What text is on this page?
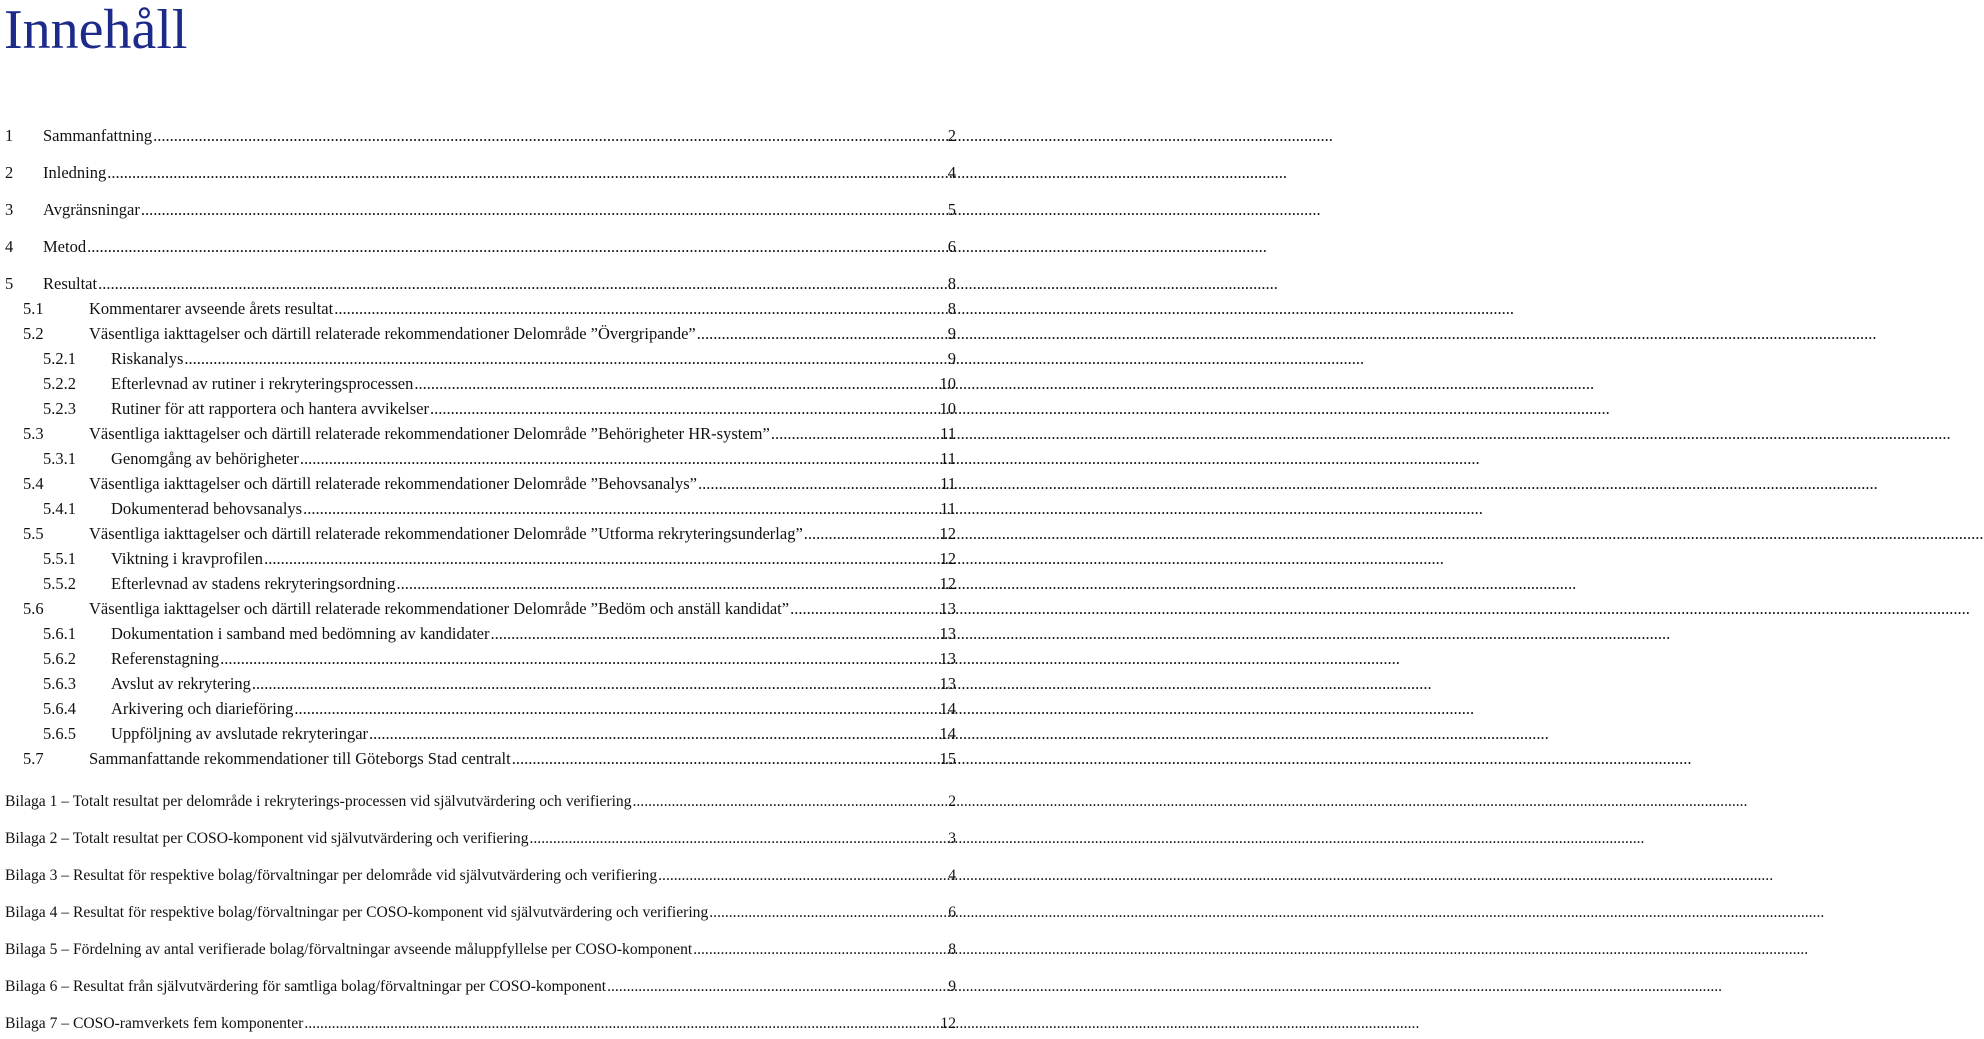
Innehåll
1	Sammanfattning .....	2
2	Inledning .....	4
3	Avgränsningar .....	5
4	Metod .....	6
5	Resultat .....	8
5.1	Kommentarer avseende årets resultat .....	8
5.2	Väsentliga iakttagelser och därtill relaterade rekommendationer Delområde ”Övergripande” .....	9
5.2.1	Riskanalys .....	9
5.2.2	Efterlevnad av rutiner i rekryteringsprocessen .....	10
5.2.3	Rutiner för att rapportera och hantera avvikelser .....	10
5.3	Väsentliga iakttagelser och därtill relaterade rekommendationer Delområde ”Behörigheter HR-system” .....	11
5.3.1	Genomgång av behörigheter .....	11
5.4	Väsentliga iakttagelser och därtill relaterade rekommendationer Delområde ”Behovsanalys” .....	11
5.4.1	Dokumenterad behovsanalys .....	11
5.5	Väsentliga iakttagelser och därtill relaterade rekommendationer Delområde ”Utforma rekryteringsunderlag” .....	12
5.5.1	Viktning i kravprofilen .....	12
5.5.2	Efterlevnad av stadens rekryteringsordning .....	12
5.6	Väsentliga iakttagelser och därtill relaterade rekommendationer Delområde ”Bedöm och anställ kandidat” .....	13
5.6.1	Dokumentation i samband med bedömning av kandidater .....	13
5.6.2	Referenstagning .....	13
5.6.3	Avslut av rekrytering .....	13
5.6.4	Arkivering och diarieföring .....	14
5.6.5	Uppföljning av avslutade rekryteringar .....	14
5.7	Sammanfattande rekommendationer till Göteborgs Stad centralt .....	15
Bilaga 1 – Totalt resultat per delområde i rekryterings-processen vid självutvärdering och verifiering .....	2
Bilaga 2 – Totalt resultat per COSO-komponent vid självutvärdering och verifiering .....	3
Bilaga 3 – Resultat för respektive bolag/förvaltningar per delområde vid självutvärdering och verifiering .....	4
Bilaga 4 – Resultat för respektive bolag/förvaltningar per COSO-komponent vid självutvärdering och verifiering .....	6
Bilaga 5 – Fördelning av antal verifierade bolag/förvaltningar avseende måluppfyllelse per COSO-komponent .....	8
Bilaga 6 – Resultat från självutvärdering för samtliga bolag/förvaltningar per COSO-komponent .....	9
Bilaga 7 – COSO-ramverkets fem komponenter .....	12
